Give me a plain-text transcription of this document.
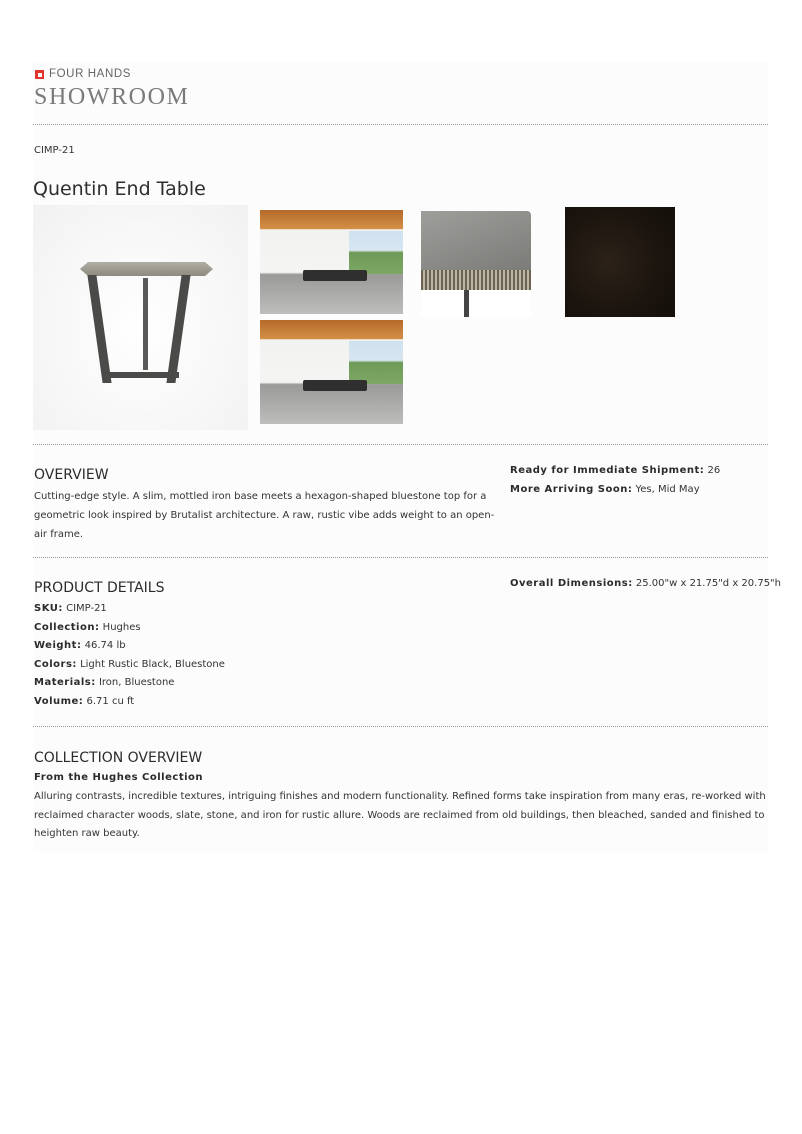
FOUR HANDS
SHOWROOM
CIMP-21
Quentin End Table
OVERVIEW
Cutting-edge style. A slim, mottled iron base meets a hexagon-shaped bluestone top for a
geometric look inspired by Brutalist architecture. A raw, rustic vibe adds weight to an open-
air frame.
Ready for Immediate Shipment: 26
More Arriving Soon: Yes, Mid May
PRODUCT DETAILS
SKU: CIMP-21
Collection: Hughes
Weight: 46.74 lb
Colors: Light Rustic Black, Bluestone
Materials: Iron, Bluestone
Volume: 6.71 cu ft
Overall Dimensions: 25.00"w x 21.75"d x 20.75"h
COLLECTION OVERVIEW
From the Hughes Collection
Alluring contrasts, incredible textures, intriguing finishes and modern functionality. Refined forms take inspiration from many eras, re-worked with
reclaimed character woods, slate, stone, and iron for rustic allure. Woods are reclaimed from old buildings, then bleached, sanded and finished to
heighten raw beauty.
